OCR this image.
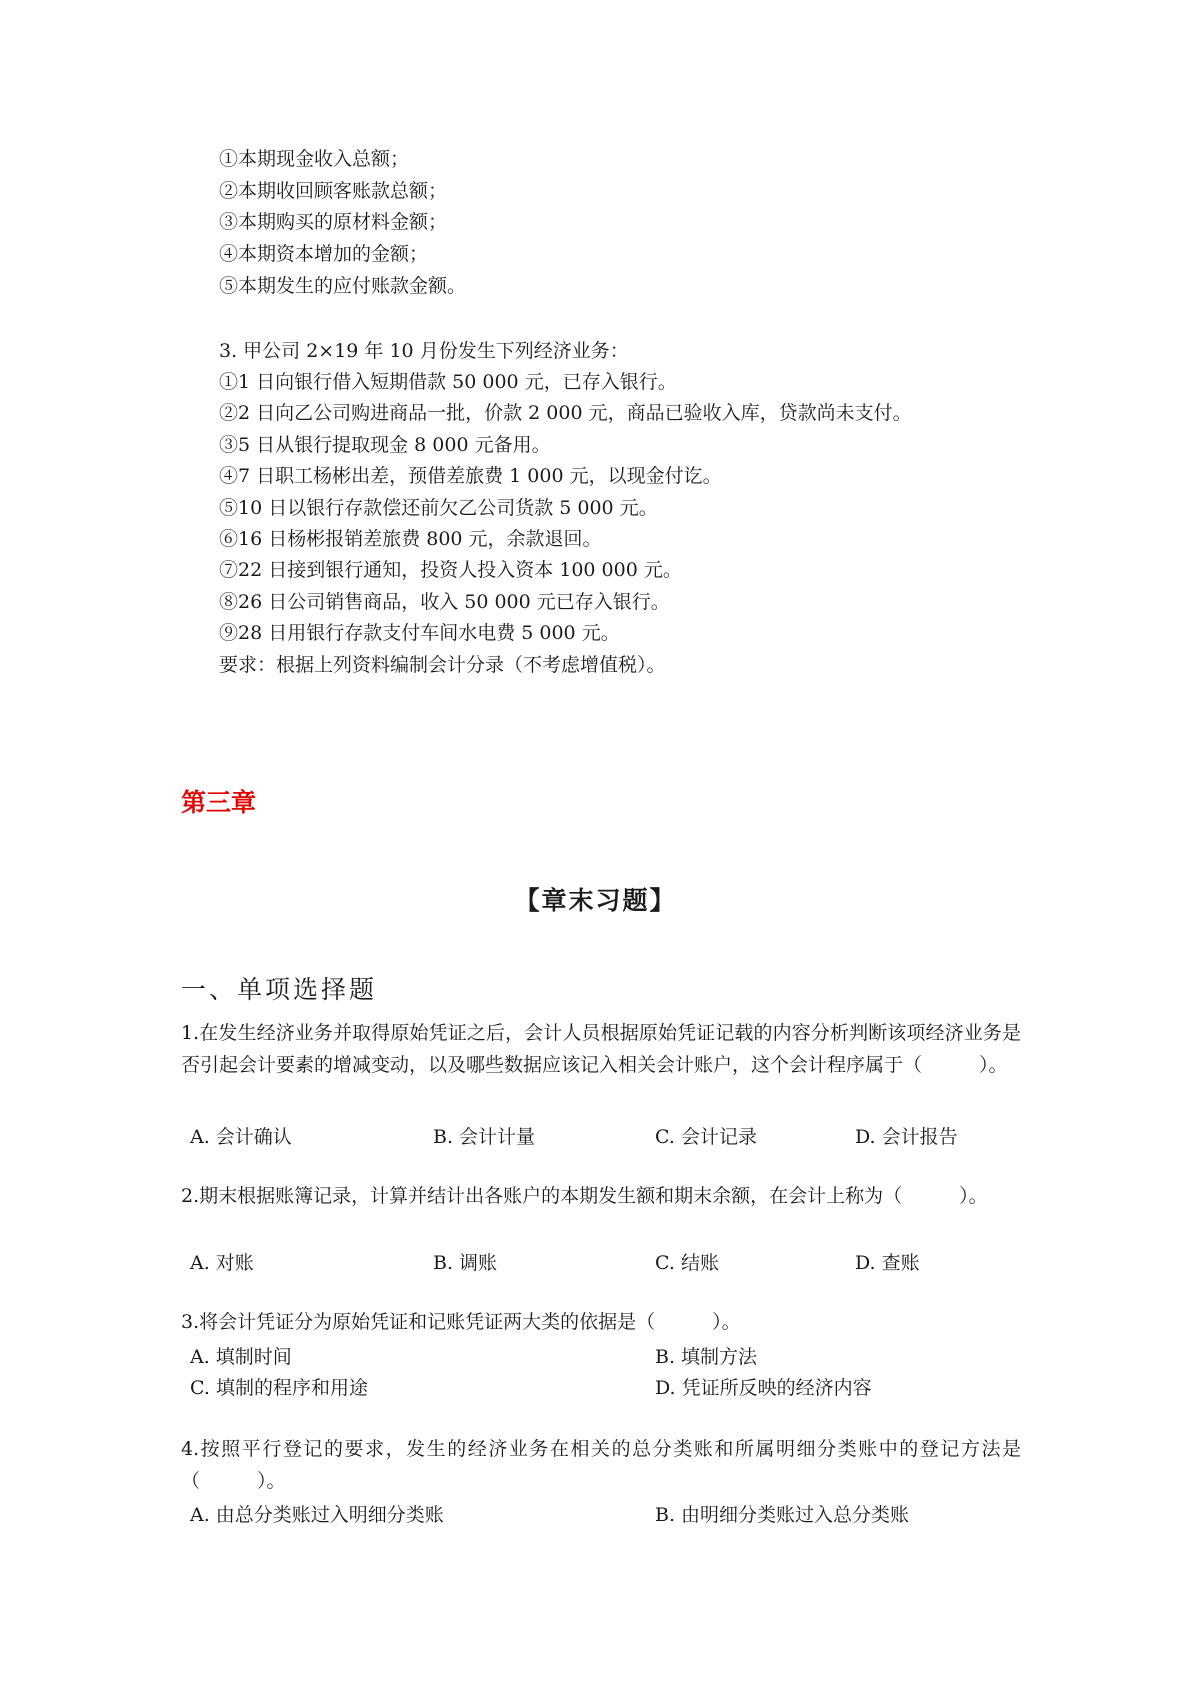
①本期现金收入总额；
②本期收回顾客账款总额；
③本期购买的原材料金额；
④本期资本增加的金额；
⑤本期发生的应付账款金额。
3. 甲公司 2×19 年 10 月份发生下列经济业务：
①1 日向银行借入短期借款 50 000 元，已存入银行。
②2 日向乙公司购进商品一批，价款 2 000 元，商品已验收入库，贷款尚未支付。
③5 日从银行提取现金 8 000 元备用。
④7 日职工杨彬出差，预借差旅费 1 000 元，以现金付讫。
⑤10 日以银行存款偿还前欠乙公司货款 5 000 元。
⑥16 日杨彬报销差旅费 800 元，余款退回。
⑦22 日接到银行通知，投资人投入资本 100 000 元。
⑧26 日公司销售商品，收入 50 000 元已存入银行。
⑨28 日用银行存款支付车间水电费 5 000 元。
要求：根据上列资料编制会计分录（不考虑增值税）。
第三章
【章末习题】
一、单项选择题
1.在发生经济业务并取得原始凭证之后，会计人员根据原始凭证记载的内容分析判断该项经济业务是否引起会计要素的增减变动，以及哪些数据应该记入相关会计账户，这个会计程序属于（　　　）。
A. 会计确认	B. 会计计量	C. 会计记录	D. 会计报告
2.期末根据账簿记录，计算并结计出各账户的本期发生额和期末余额，在会计上称为（　　　）。
A. 对账	B. 调账	C. 结账	D. 查账
3.将会计凭证分为原始凭证和记账凭证两大类的依据是（　　　）。
A. 填制时间	B. 填制方法
C. 填制的程序和用途	D. 凭证所反映的经济内容
4.按照平行登记的要求，发生的经济业务在相关的总分类账和所属明细分类账中的登记方法是（　　　）。
A. 由总分类账过入明细分类账	B. 由明细分类账过入总分类账
